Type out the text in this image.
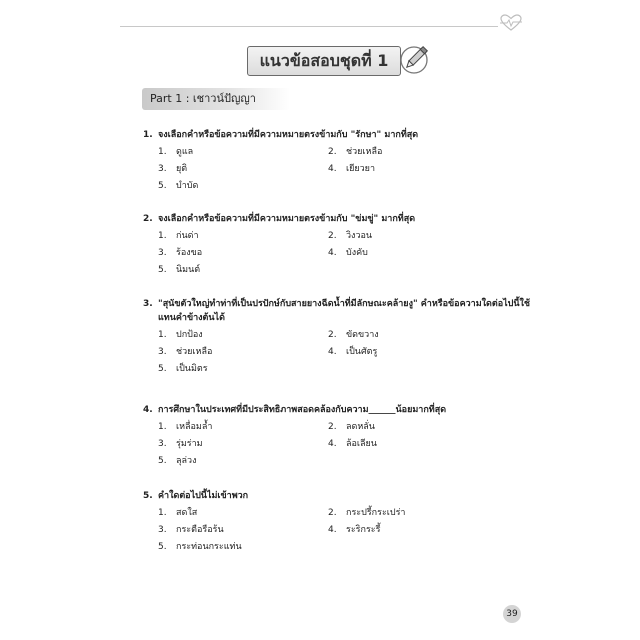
แนวข้อสอบชุดที่ 1
Part 1 : เชาวน์ปัญญา
1. จงเลือกคำหรือข้อความที่มีความหมายตรงข้ามกับ "รักษา" มากที่สุด
1.	ดูแล	2.	ช่วยเหลือ
3.	ยุติ	4.	เยียวยา
5.	บำบัด
2. จงเลือกคำหรือข้อความที่มีความหมายตรงข้ามกับ "ข่มขู่" มากที่สุด
1.	ก่นด่า	2.	วิงวอน
3.	ร้องขอ	4.	บังคับ
5.	นิมนต์
3. "สุนัขตัวใหญ่ทำท่าที่เป็นปรปักษ์กับสายยางฉีดน้ำที่มีลักษณะคล้ายงู" คำหรือข้อความใดต่อไปนี้ใช้แทนคำข้างต้นได้
1.	ปกป้อง	2.	ขัดขวาง
3.	ช่วยเหลือ	4.	เป็นศัตรู
5.	เป็นมิตร
4. การศึกษาในประเทศที่มีประสิทธิภาพสอดคล้องกับความ______น้อยมากที่สุด
1.	เหลื่อมล้ำ	2.	ลดหลั่น
3.	รุ่มร่าม	4.	ล้อเลียน
5.	ลุล่วง
5. คำใดต่อไปนี้ไม่เข้าพวก
1.	สดใส	2.	กระปรี้กระเปร่า
3.	กระตือรือร้น	4.	ระริกระรี้
5.	กระท่อนกระแท่น
39
